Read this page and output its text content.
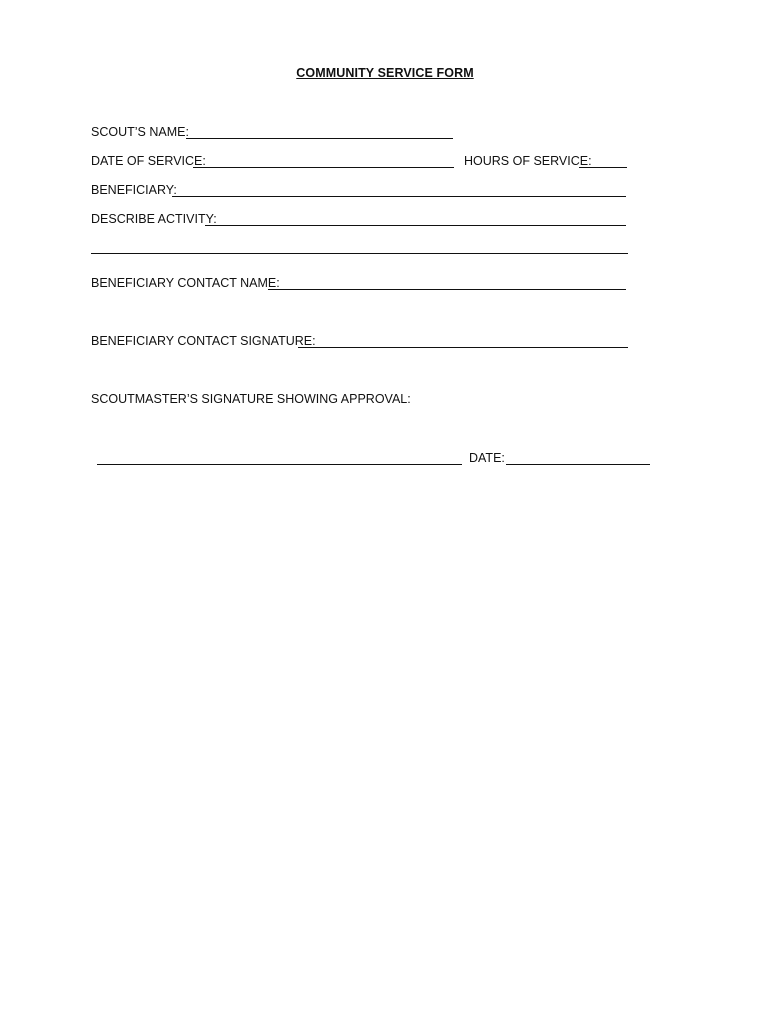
COMMUNITY SERVICE FORM
SCOUT’S NAME:
DATE OF SERVICE:	HOURS OF SERVICE:
BENEFICIARY:
DESCRIBE ACTIVITY:
BENEFICIARY CONTACT NAME:
BENEFICIARY CONTACT SIGNATURE:
SCOUTMASTER’S SIGNATURE SHOWING APPROVAL:
DATE:
